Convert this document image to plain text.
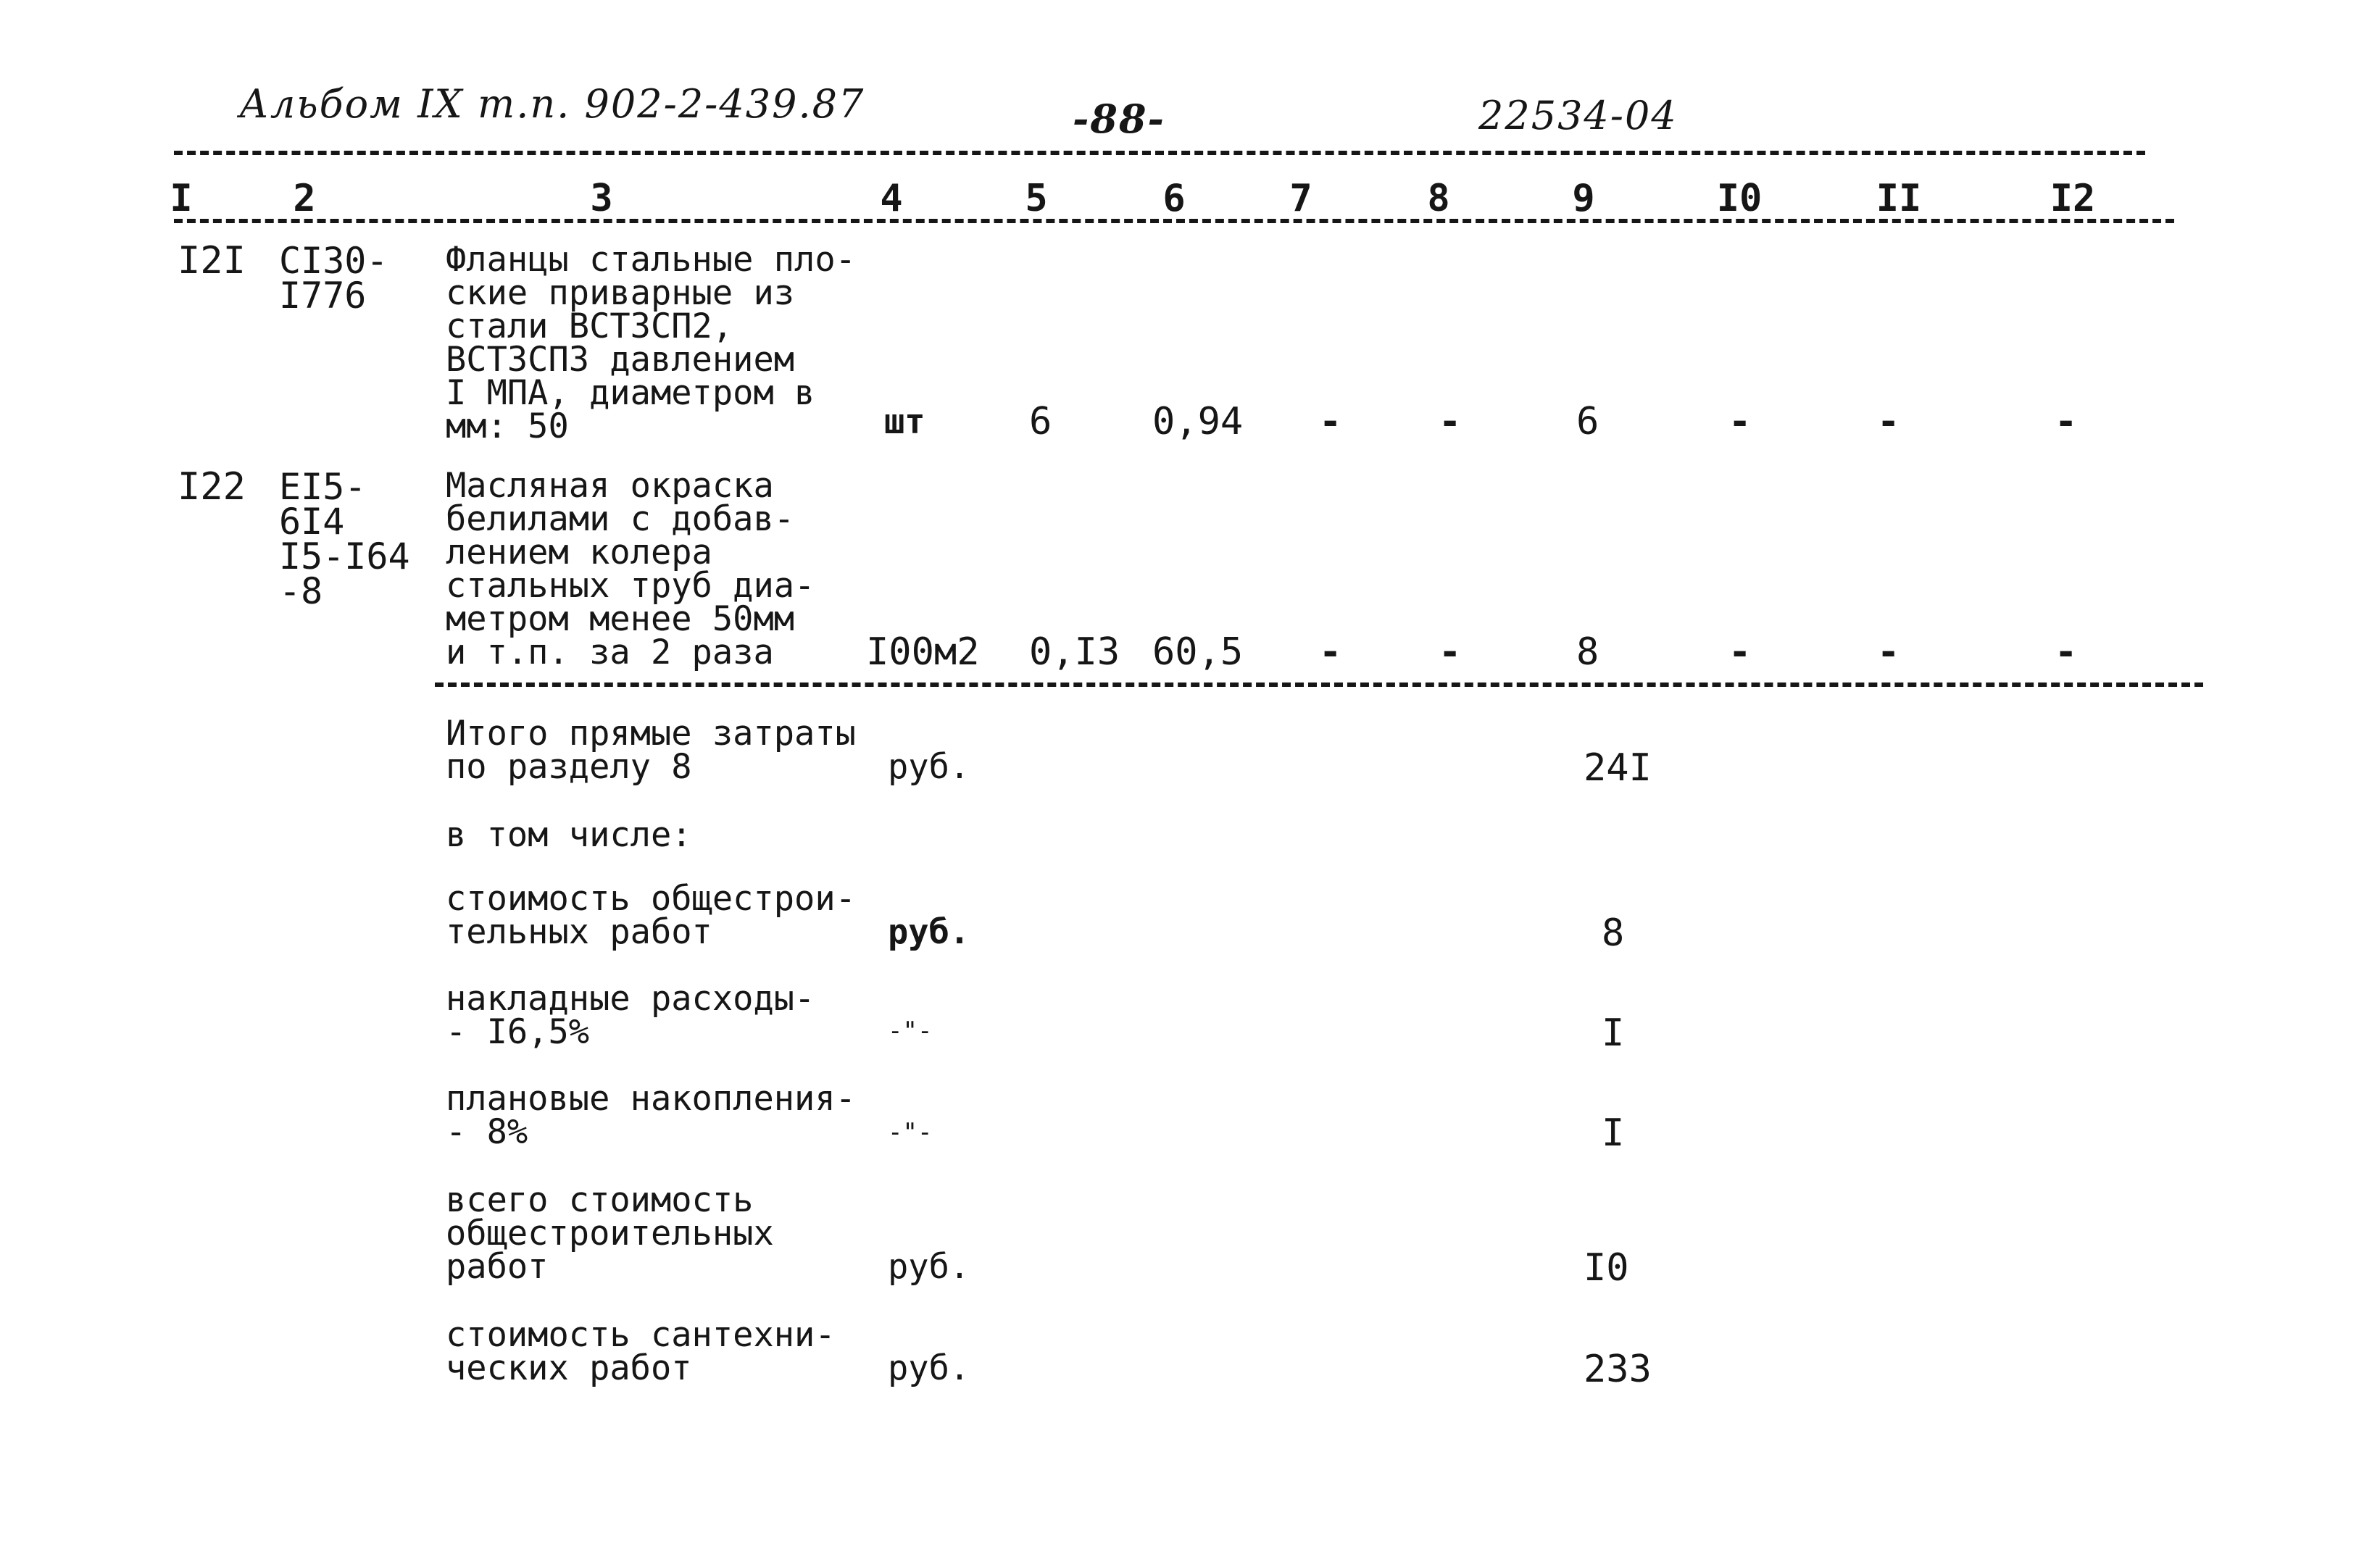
Альбом IX т.п. 902-2-439.87	-88-	22534-04
I	2	3	4	5	6	7	8	9	I0	II	I2
I2I CI30-
I776
Фланцы стальные пло-
ские приварные из
стали ВСТ3СП2,
ВСТ3СП3 давлением
I МПА, диаметром в
мм: 50	шт	6	0,94 -	-	6	-	-	-
I22 EI5-
6I4
I5-I64
-8
Масляная окраска
белилами с добав-
лением колера
стальных труб диа-
метром менее 50мм
и т.п. за 2 раза	I00м2 0,I3 60,5 -	-	8	-	-	-
Итого прямые затраты
по разделу 8	руб.	24I
в том числе:
стоимость общестрои-
тельных работ	руб.	8
накладные расходы-
- I6,5%	-"-	I
плановые накопления-
- 8%	-"-	I
всего стоимость
общестроительных
работ	руб.	I0
стоимость сантехни-
ческих работ	руб.	233
